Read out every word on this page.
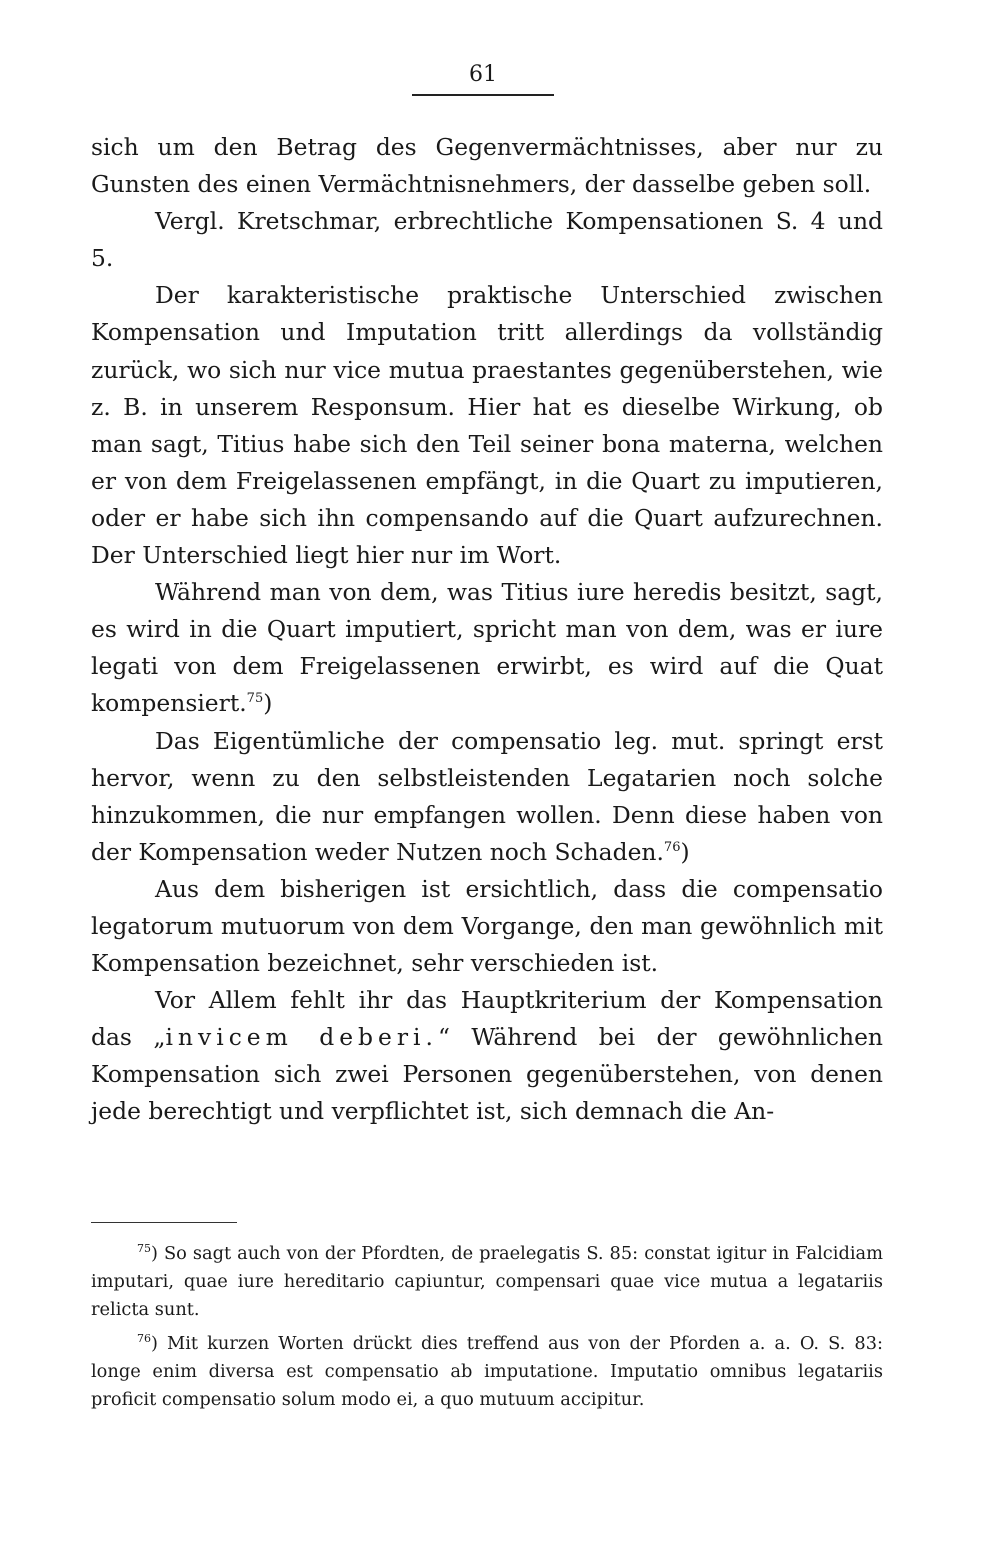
61

sich um den Betrag des Gegenvermächtnisses, aber nur zu Gunsten des einen Vermächtnisnehmers, der dasselbe geben soll.

Vergl. Kretschmar, erbrechtliche Kompensationen S. 4 und 5.

Der karakteristische praktische Unterschied zwischen Kompensation und Imputation tritt allerdings da vollständig zurück, wo sich nur vice mutua praestantes gegenüberstehen, wie z. B. in unserem Responsum. Hier hat es dieselbe Wirkung, ob man sagt, Titius habe sich den Teil seiner bona materna, welchen er von dem Freigelassenen empfängt, in die Quart zu imputieren, oder er habe sich ihn compensando auf die Quart aufzurechnen. Der Unterschied liegt hier nur im Wort.

Während man von dem, was Titius iure heredis besitzt, sagt, es wird in die Quart imputiert, spricht man von dem, was er iure legati von dem Freigelassenen erwirbt, es wird auf die Quat kompensiert.$^{75}$)

Das Eigentümliche der compensatio leg. mut. springt erst hervor, wenn zu den selbstleistenden Legatarien noch solche hinzukommen, die nur empfangen wollen. Denn diese haben von der Kompensation weder Nutzen noch Schaden.$^{76}$)

Aus dem bisherigen ist ersichtlich, dass die compensatio legatorum mutuorum von dem Vorgange, den man gewöhnlich mit Kompensation bezeichnet, sehr verschieden ist.

Vor Allem fehlt ihr das Hauptkriterium der Kompensation das „invicem deberi.“ Während bei der gewöhnlichen Kompensation sich zwei Personen gegenüberstehen, von denen jede berechtigt und verpflichtet ist, sich demnach die An-

$^{75}$) So sagt auch von der Pfordten, de praelegatis S. 85: constat igitur in Falcidiam imputari, quae iure hereditario capiuntur, compensari quae vice mutua a legatariis relicta sunt.

$^{76}$) Mit kurzen Worten drückt dies treffend aus von der Pforden a. a. O. S. 83: longe enim diversa est compensatio ab imputatione. Imputatio omnibus legatariis proficit compensatio solum modo ei, a quo mutuum accipitur.
